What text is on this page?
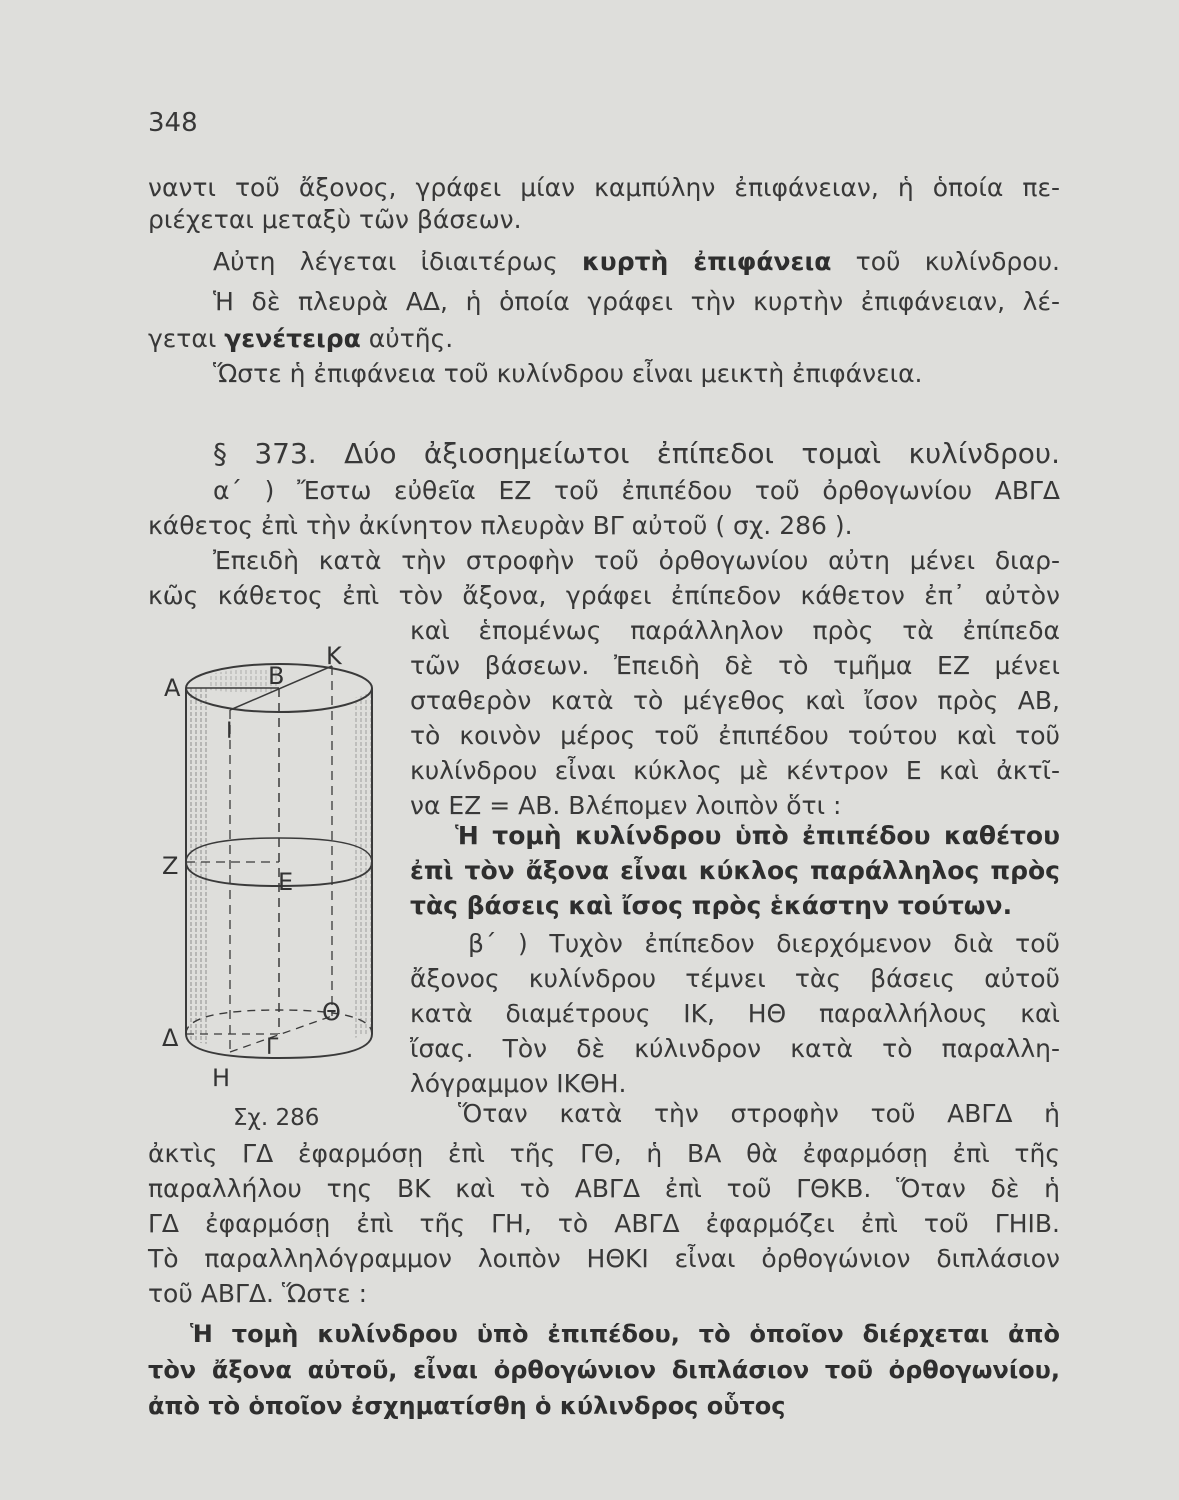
348
ναντι τοῦ ἄξονος, γράφει μίαν καμπύλην ἐπιφάνειαν, ἡ ὁποία πε-
ριέχεται μεταξὺ τῶν βάσεων.
Αὐτη λέγεται ἰδιαιτέρως κυρτὴ ἐπιφάνεια τοῦ κυλίνδρου.
Ἡ δὲ πλευρὰ ΑΔ, ἡ ὁποία γράφει τὴν κυρτὴν ἐπιφάνειαν, λέ-
γεται γενέτειρα αὐτῆς.
Ὥστε ἡ ἐπιφάνεια τοῦ κυλίνδρου εἶναι μεικτὴ ἐπιφάνεια.
§ 373. Δύο ἀξιοσημείωτοι ἐπίπεδοι τομαὶ κυλίνδρου.
α΄ ) Ἔστω εὐθεῖα ΕΖ τοῦ ἐπιπέδου τοῦ ὀρθογωνίου ΑΒΓΔ
κάθετος ἐπὶ τὴν ἀκίνητον πλευρὰν ΒΓ αὐτοῦ ( σχ. 286 ).
Ἐπειδὴ κατὰ τὴν στροφὴν τοῦ ὀρθογωνίου αὐτη μένει διαρ-
κῶς κάθετος ἐπὶ τὸν ἄξονα, γράφει ἐπίπεδον κάθετον ἐπ᾽ αὐτὸν
καὶ ἑπομένως παράλληλον πρὸς τὰ ἐπίπεδα
τῶν βάσεων. Ἐπειδὴ δὲ τὸ τμῆμα ΕΖ μένει
σταθερὸν κατὰ τὸ μέγεθος καὶ ἴσον πρὸς ΑΒ,
τὸ κοινὸν μέρος τοῦ ἐπιπέδου τούτου καὶ τοῦ
κυλίνδρου εἶναι κύκλος μὲ κέντρον Ε καὶ ἀκτῖ-
να ΕΖ = ΑΒ. Βλέπομεν λοιπὸν ὅτι :
Ἡ τομὴ κυλίνδρου ὑπὸ ἐπιπέδου καθέτου
ἐπὶ τὸν ἄξονα εἶναι κύκλος παράλληλος πρὸς
τὰς βάσεις καὶ ἴσος πρὸς ἑκάστην τούτων.
β΄ ) Τυχὸν ἐπίπεδον διερχόμενον διὰ τοῦ
ἄξονος κυλίνδρου τέμνει τὰς βάσεις αὐτοῦ
κατὰ διαμέτρους ΙΚ, ΗΘ παραλλήλους καὶ
ἴσας. Τὸν δὲ κύλινδρον κατὰ τὸ παραλλη-
λόγραμμον ΙΚΘΗ.
Ὅταν κατὰ τὴν στροφὴν τοῦ ΑΒΓΔ ἡ
ἀκτὶς ΓΔ ἐφαρμόσῃ ἐπὶ τῆς ΓΘ, ἡ ΒΑ θὰ ἐφαρμόσῃ ἐπὶ τῆς
παραλλήλου της ΒΚ καὶ τὸ ΑΒΓΔ ἐπὶ τοῦ ΓΘΚΒ. Ὅταν δὲ ἡ
ΓΔ ἐφαρμόσῃ ἐπὶ τῆς ΓΗ, τὸ ΑΒΓΔ ἐφαρμόζει ἐπὶ τοῦ ΓΗΙΒ.
Τὸ παραλληλόγραμμον λοιπὸν ΗΘΚΙ εἶναι ὀρθογώνιον διπλάσιον
τοῦ ΑΒΓΔ. Ὥστε :
Ἡ τομὴ κυλίνδρου ὑπὸ ἐπιπέδου, τὸ ὁποῖον διέρχεται ἀπὸ
τὸν ἄξονα αὐτοῦ, εἶναι ὀρθογώνιον διπλάσιον τοῦ ὀρθογωνίου,
ἀπὸ τὸ ὁποῖον ἐσχηματίσθη ὁ κύλινδρος οὗτος
Α	Β
Κ
Ι
Ζ
Ε
Θ
Δ	Γ
Η
Σχ. 286
